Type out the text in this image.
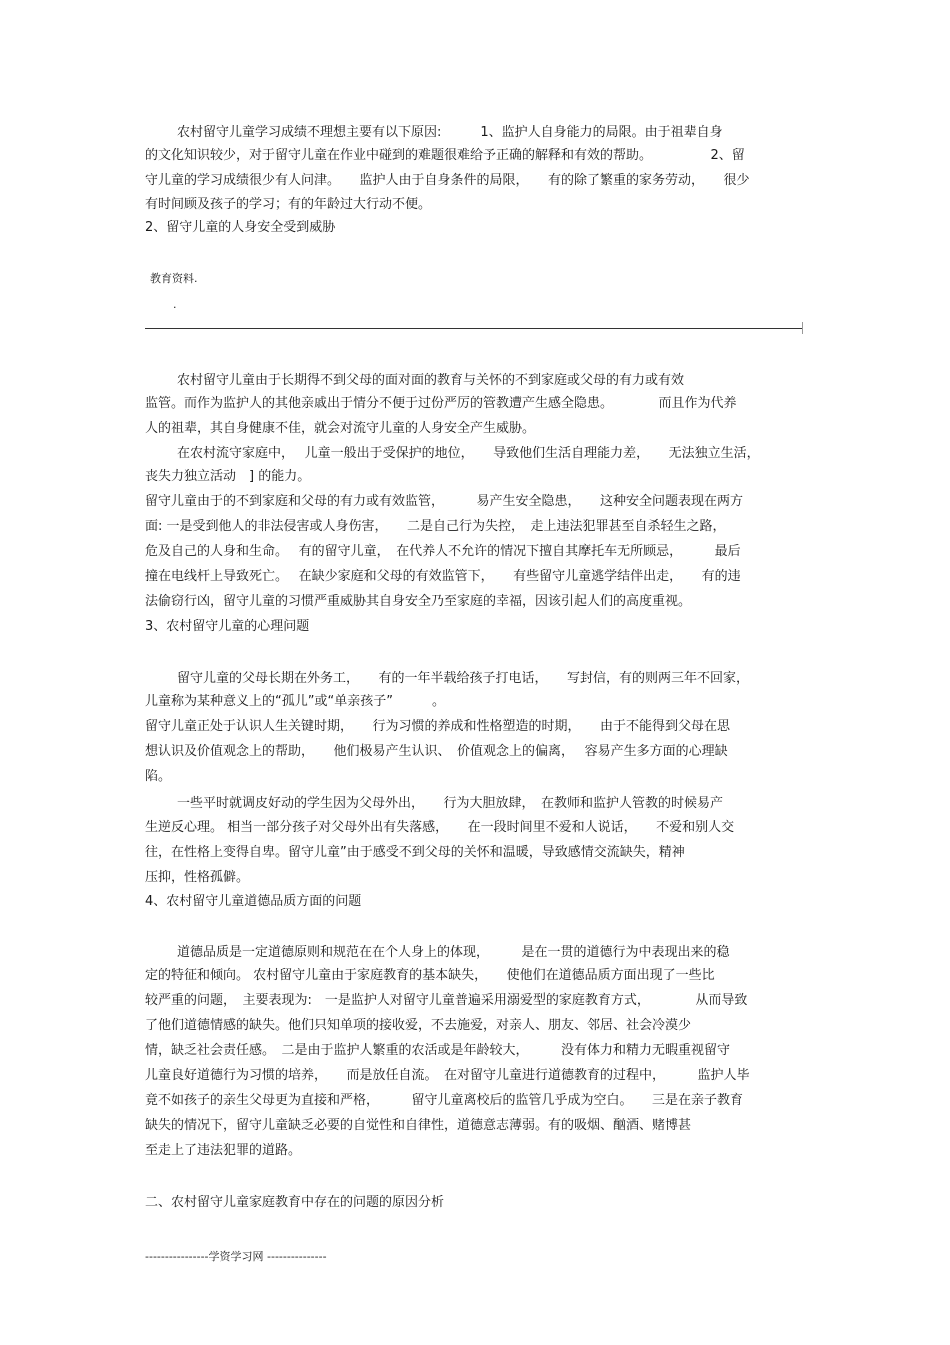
农村留守儿童学习成绩不理想主要有以下原因:　　　1、监护人自身能力的局限。由于祖辈自身
的文化知识较少，对于留守儿童在作业中碰到的难题很难给予正确的解释和有效的帮助。　　　　　2、留
守儿童的学习成绩很少有人问津。　　监护人由于自身条件的局限，　　有的除了繁重的家务劳动，　　很少
有时间顾及孩子的学习；有的年龄过大行动不便。
2、留守儿童的人身安全受到威胁
农村留守儿童由于长期得不到父母的面对面的教育与关怀的不到家庭或父母的有力或有效
监管。而作为监护人的其他亲戚出于情分不便于过份严厉的管教遭产生感全隐患。　　　　而且作为代养
人的祖辈，其自身健康不佳，就会对流守儿童的人身安全产生威胁。
在农村流守家庭中，　 儿童一般出于受保护的地位，　　导致他们生活自理能力差，　　无法独立生活，
丧失力独立活动　] 的能力。
留守儿童由于的不到家庭和父母的有力或有效监管，　　　易产生安全隐患，　　这种安全问题表现在两方
面: 一是受到他人的非法侵害或人身伤害，　　二是自己行为失控，　走上违法犯罪甚至自杀轻生之路，
危及自己的人身和生命。　 有的留守儿童，　在代养人不允许的情况下擅自其摩托车无所顾忌，　　　最后
撞在电线杆上导致死亡。　 在缺少家庭和父母的有效监管下，　　有些留守儿童逃学结伴出走，　　有的违
法偷窃行凶，留守儿童的习惯严重威胁其自身安全乃至家庭的幸福，因该引起人们的高度重视。
3、农村留守儿童的心理问题
留守儿童的父母长期在外务工，　　有的一年半载给孩子打电话，　　写封信，有的则两三年不回家，
儿童称为某种意义上的“孤儿”或“单亲孩子”　　　。
留守儿童正处于认识人生关键时期，　　行为习惯的养成和性格塑造的时期，　　由于不能得到父母在思
想认识及价值观念上的帮助，　　他们极易产生认识、　价值观念上的偏离，　 容易产生多方面的心理缺
陷。
一些平时就调皮好动的学生因为父母外出，　　行为大胆放肆，　在教师和监护人管教的时候易产
生逆反心理。 相当一部分孩子对父母外出有失落感，　　在一段时间里不爱和人说话，　　不爱和别人交
往，在性格上变得自卑。留守儿童”由于感受不到父母的关怀和温暖，导致感情交流缺失，精神
压抑，性格孤僻。
4、农村留守儿童道德品质方面的问题
道德品质是一定道德原则和规范在在个人身上的体现，　　　是在一贯的道德行为中表现出来的稳
定的特征和倾向。 农村留守儿童由于家庭教育的基本缺失，　　使他们在道德品质方面出现了一些比
较严重的问题，　主要表现为:　一是监护人对留守儿童普遍采用溺爱型的家庭教育方式，　　　　从而导致
了他们道德情感的缺失。他们只知单项的接收爱，不去施爱，对亲人、朋友、邻居、社会冷漠少
情，缺乏社会责任感。　二是由于监护人繁重的农活或是年龄较大，　　　没有体力和精力无暇重视留守
儿童良好道德行为习惯的培养，　　而是放任自流。　在对留守儿童进行道德教育的过程中，　　　监护人毕
竟不如孩子的亲生父母更为直接和严格，　　　留守儿童离校后的监管几乎成为空白。　　三是在亲子教育
缺失的情况下，留守儿童缺乏必要的自觉性和自律性，道德意志薄弱。有的吸烟、酗酒、赌博甚
至走上了违法犯罪的道路。
二、农村留守儿童家庭教育中存在的问题的原因分析
教育资料.
.
----------------学资学习网 ---------------
